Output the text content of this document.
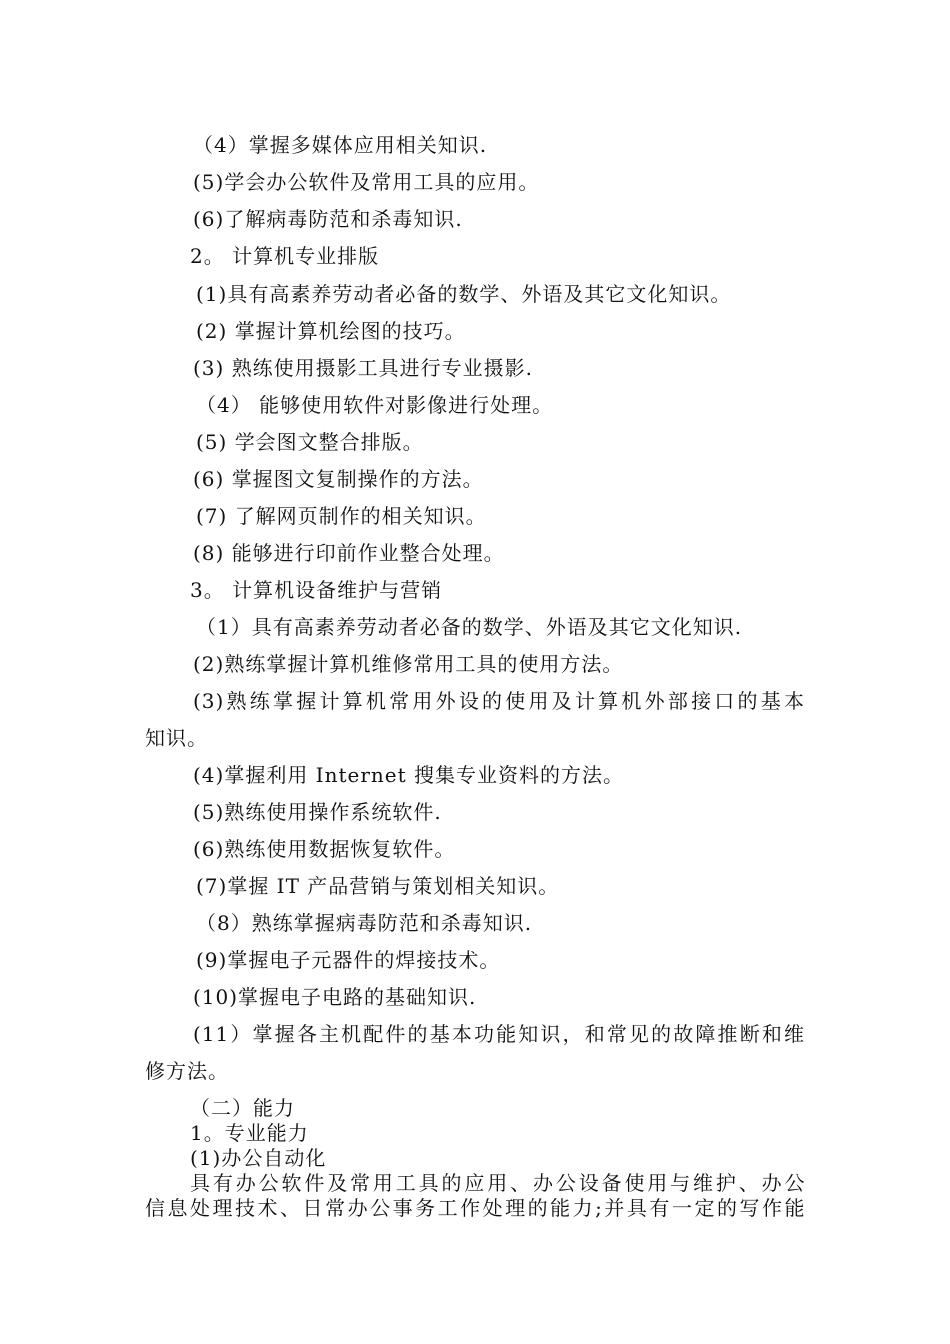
（4）掌握多媒体应用相关知识.
(5)学会办公软件及常用工具的应用。
(6)了解病毒防范和杀毒知识.
2。 计算机专业排版
(1)具有高素养劳动者必备的数学、外语及其它文化知识。
(2) 掌握计算机绘图的技巧。
(3) 熟练使用摄影工具进行专业摄影.
（4） 能够使用软件对影像进行处理。
(5) 学会图文整合排版。
(6) 掌握图文复制操作的方法。
(7) 了解网页制作的相关知识。
(8) 能够进行印前作业整合处理。
3。 计算机设备维护与营销
（1）具有高素养劳动者必备的数学、外语及其它文化知识.
(2)熟练掌握计算机维修常用工具的使用方法。
(3)熟练掌握计算机常用外设的使用及计算机外部接口的基本
知识。
(4)掌握利用 Internet 搜集专业资料的方法。
(5)熟练使用操作系统软件.
(6)熟练使用数据恢复软件。
(7)掌握 IT 产品营销与策划相关知识。
（8）熟练掌握病毒防范和杀毒知识.
(9)掌握电子元器件的焊接技术。
(10)掌握电子电路的基础知识.
(11）掌握各主机配件的基本功能知识，和常见的故障推断和维
修方法。
（二）能力
1。专业能力
(1)办公自动化
具有办公软件及常用工具的应用、办公设备使用与维护、办公
信息处理技术、日常办公事务工作处理的能力;并具有一定的写作能
